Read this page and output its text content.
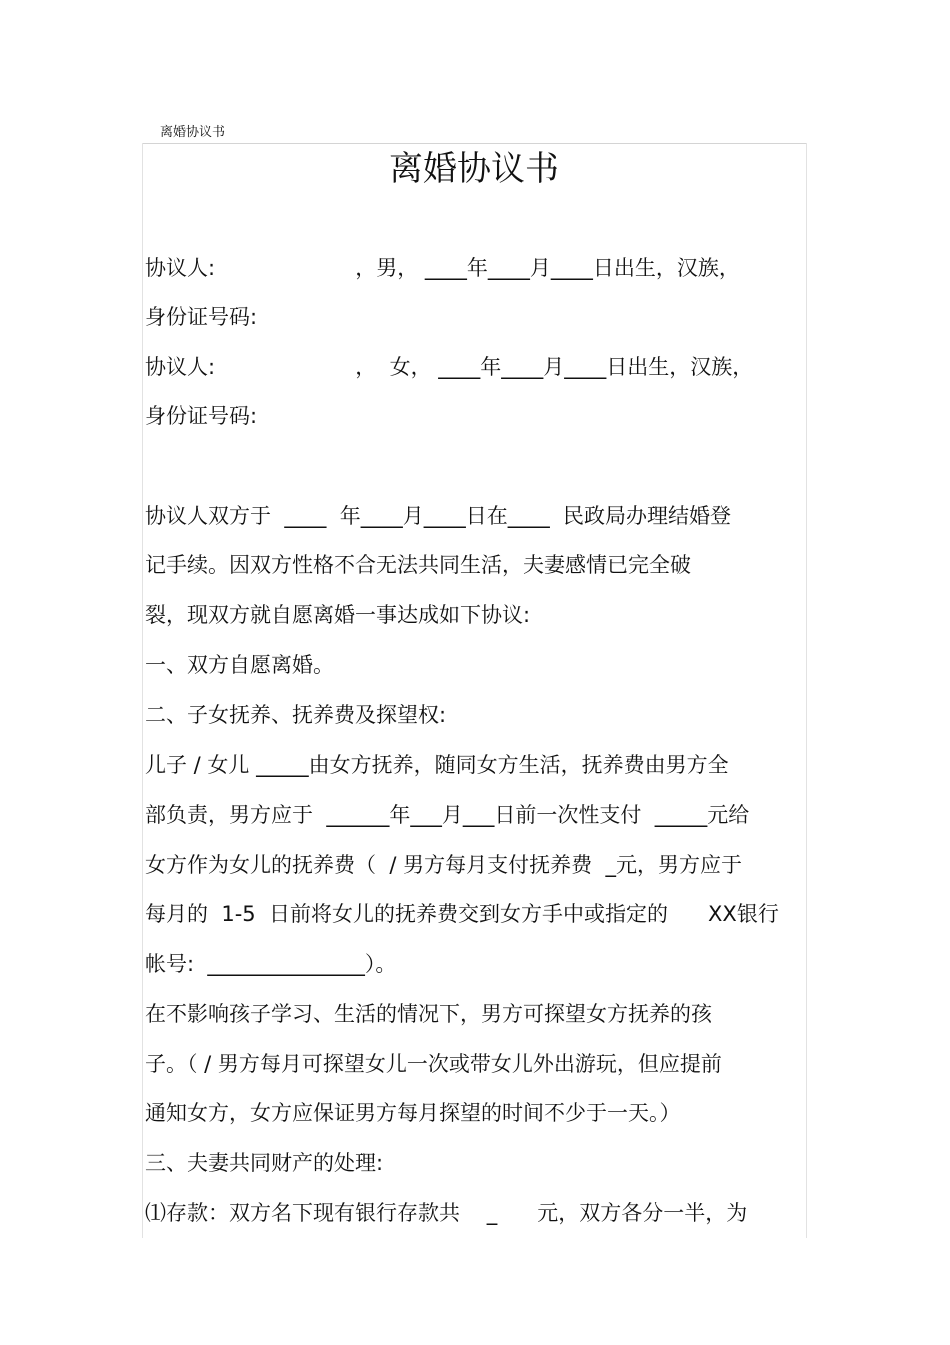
离婚协议书
离婚协议书
协议人:                     ，男， ____年____月____日出生，汉族，
身份证号码:
协议人:                     ，  女， ____年____月____日出生，汉族，
身份证号码:
协议人双方于  ____  年____月____日在____  民政局办理结婚登
记手续。因双方性格不合无法共同生活，夫妻感情已完全破
裂，现双方就自愿离婚一事达成如下协议:
一、双方自愿离婚。
二、子女抚养、抚养费及探望权:
儿子 / 女儿 _____由女方抚养，随同女方生活，抚养费由男方全
部负责，男方应于  ______年___月___日前一次性支付  _____元给
女方作为女儿的抚养费（  / 男方每月支付抚养费  _元，男方应于
每月的  1-5  日前将女儿的抚养费交到女方手中或指定的      XX银行
帐号:  _______________）。
在不影响孩子学习、生活的情况下，男方可探望女方抚养的孩
子。（ / 男方每月可探望女儿一次或带女儿外出游玩，但应提前
通知女方，女方应保证男方每月探望的时间不少于一天。）
三、夫妻共同财产的处理:
⑴存款：双方名下现有银行存款共    _      元，双方各分一半，为
